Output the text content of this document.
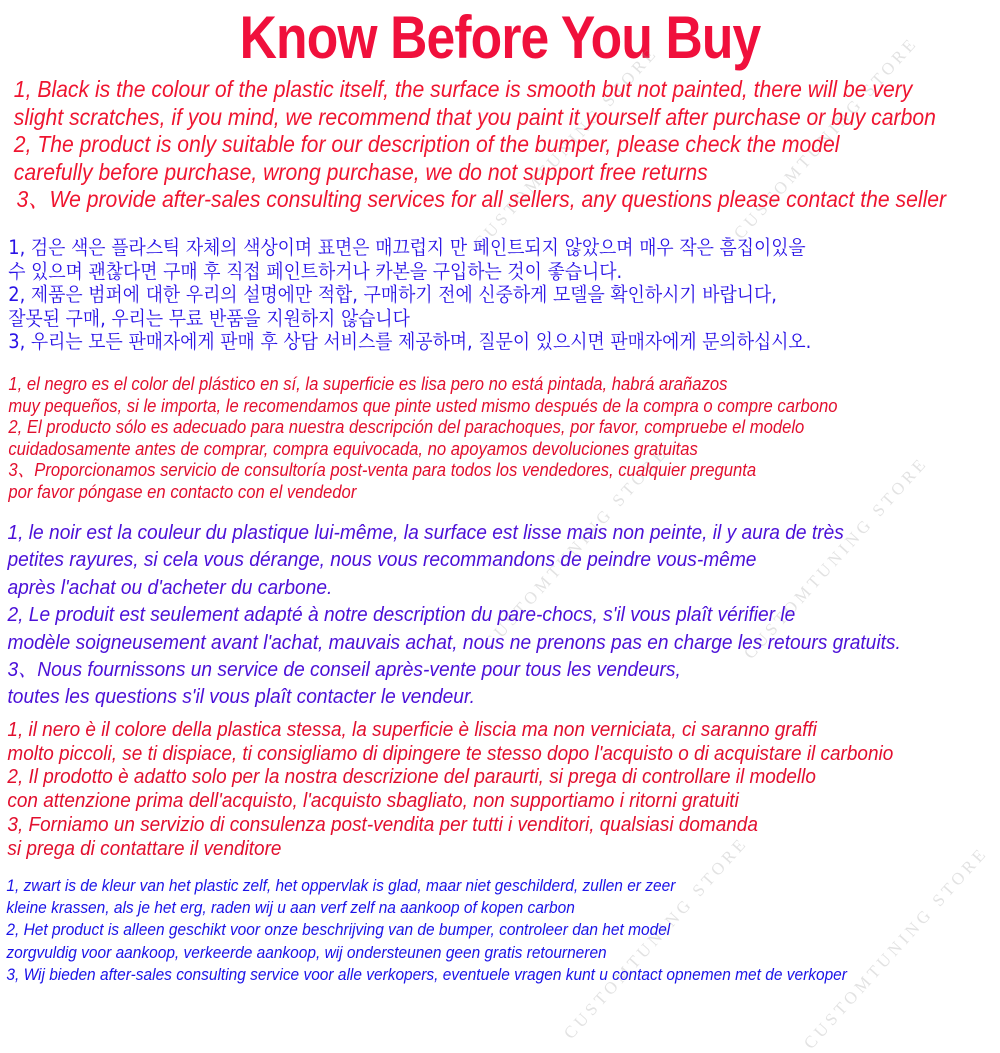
Know Before You Buy
CUSTOMTUNING STORE	CUSTOMTUNING STORE
CUSTOMTUNING STORE	CUSTOMTUNING STORE
CUSTOMTUNING STORE	CUSTOMTUNING STORE
1, Black is the colour of the plastic itself, the surface is smooth but not painted, there will be very
slight scratches, if you mind, we recommend that you paint it yourself after purchase or buy carbon
2, The product is only suitable for our description of the bumper, please check the model
carefully before purchase, wrong purchase, we do not support free returns
3、We provide after-sales consulting services for all sellers, any questions please contact the seller
1, 검은 색은 플라스틱 자체의 색상이며 표면은 매끄럽지 만 페인트되지 않았으며 매우 작은 흠집이있을
수 있으며 괜찮다면 구매 후 직접 페인트하거나 카본을 구입하는 것이 좋습니다.
2, 제품은 범퍼에 대한 우리의 설명에만 적합, 구매하기 전에 신중하게 모델을 확인하시기 바랍니다,
잘못된 구매, 우리는 무료 반품을 지원하지 않습니다
3, 우리는 모든 판매자에게 판매 후 상담 서비스를 제공하며, 질문이 있으시면 판매자에게 문의하십시오.
1, el negro es el color del plástico en sí, la superficie es lisa pero no está pintada, habrá arañazos
muy pequeños, si le importa, le recomendamos que pinte usted mismo después de la compra o compre carbono
2, El producto sólo es adecuado para nuestra descripción del parachoques, por favor, compruebe el modelo
cuidadosamente antes de comprar, compra equivocada, no apoyamos devoluciones gratuitas
3、Proporcionamos servicio de consultoría post-venta para todos los vendedores, cualquier pregunta
por favor póngase en contacto con el vendedor
1, le noir est la couleur du plastique lui-même, la surface est lisse mais non peinte, il y aura de très
petites rayures, si cela vous dérange, nous vous recommandons de peindre vous-même
après l'achat ou d'acheter du carbone.
2, Le produit est seulement adapté à notre description du pare-chocs, s'il vous plaît vérifier le
modèle soigneusement avant l'achat, mauvais achat, nous ne prenons pas en charge les retours gratuits.
3、Nous fournissons un service de conseil après-vente pour tous les vendeurs,
toutes les questions s'il vous plaît contacter le vendeur.
1, il nero è il colore della plastica stessa, la superficie è liscia ma non verniciata, ci saranno graffi
molto piccoli, se ti dispiace, ti consigliamo di dipingere te stesso dopo l'acquisto o di acquistare il carbonio
2, Il prodotto è adatto solo per la nostra descrizione del paraurti, si prega di controllare il modello
con attenzione prima dell'acquisto, l'acquisto sbagliato, non supportiamo i ritorni gratuiti
3, Forniamo un servizio di consulenza post-vendita per tutti i venditori, qualsiasi domanda
si prega di contattare il venditore
1, zwart is de kleur van het plastic zelf, het oppervlak is glad, maar niet geschilderd, zullen er zeer
kleine krassen, als je het erg, raden wij u aan verf zelf na aankoop of kopen carbon
2, Het product is alleen geschikt voor onze beschrijving van de bumper, controleer dan het model
zorgvuldig voor aankoop, verkeerde aankoop, wij ondersteunen geen gratis retourneren
3, Wij bieden after-sales consulting service voor alle verkopers, eventuele vragen kunt u contact opnemen met de verkoper
